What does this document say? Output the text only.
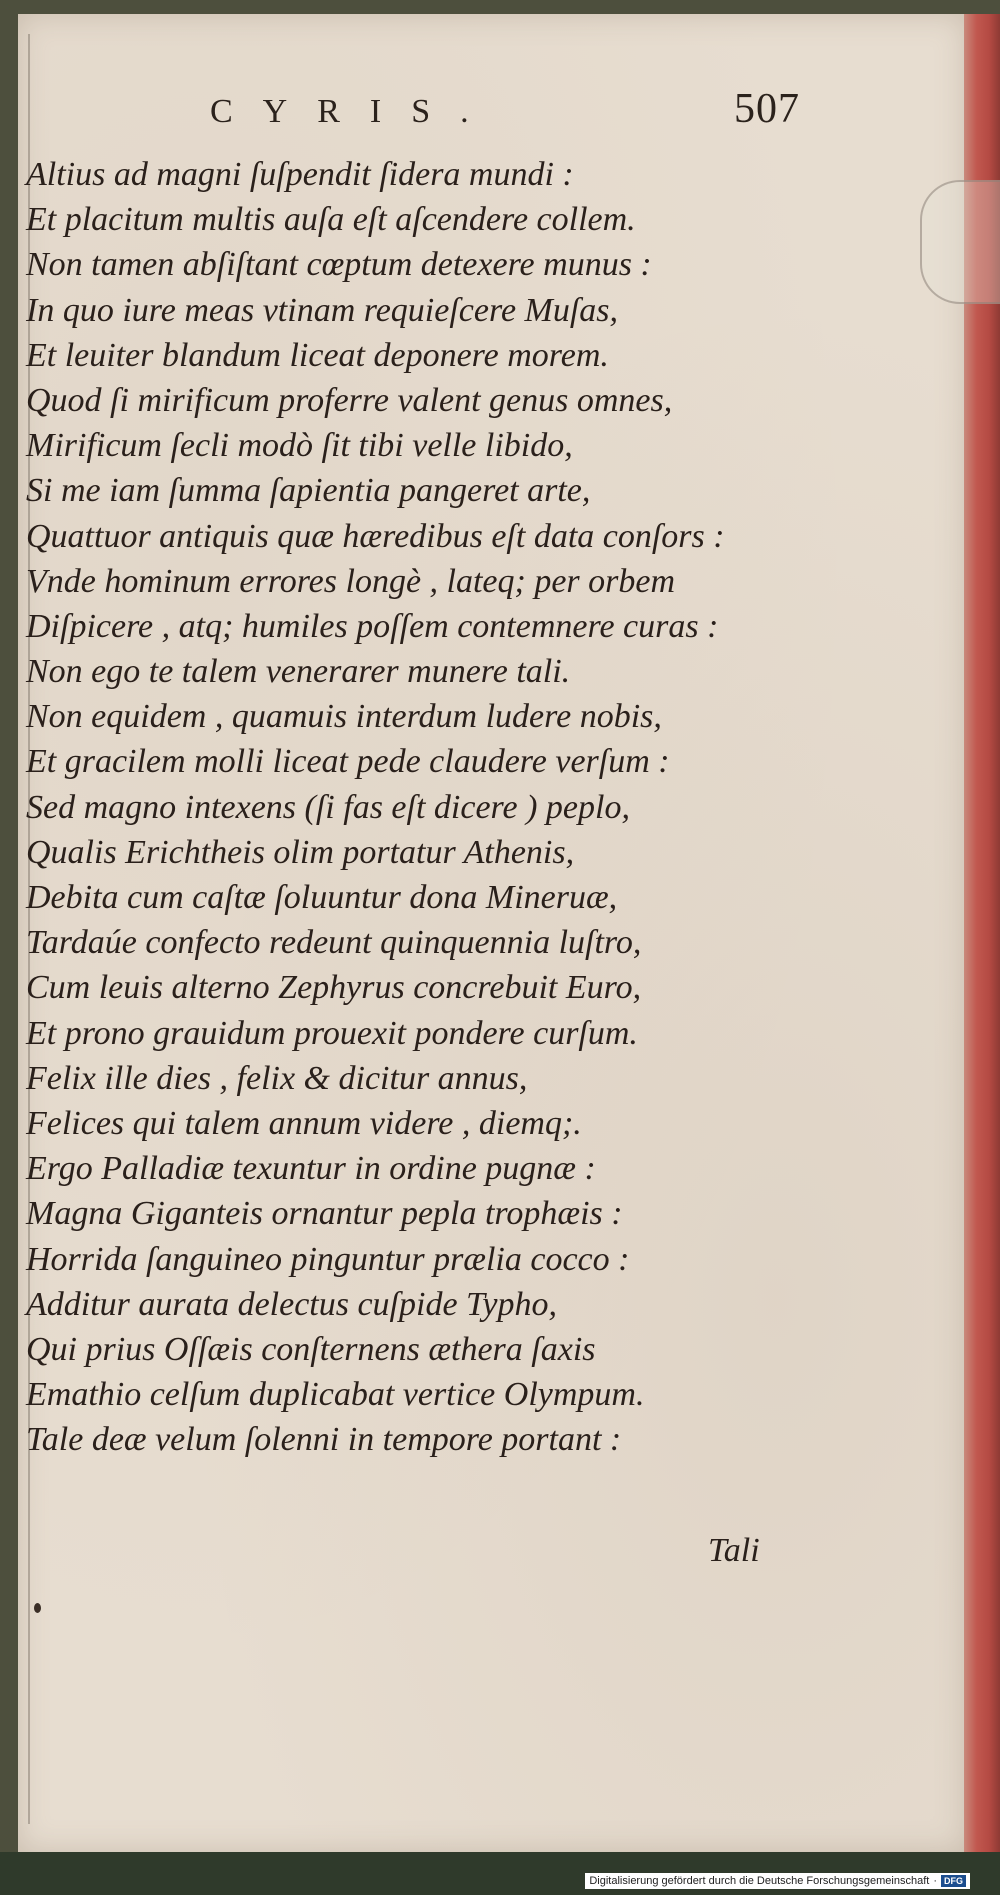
CYRIS.	507
Altius ad magni ſuſpendit ſidera mundi :
Et placitum multis auſa eſt aſcendere collem.
Non tamen abſiſtant cœptum detexere munus :
In quo iure meas vtinam requieſcere Muſas,
Et leuiter blandum liceat deponere morem.
Quod ſi mirificum proferre valent genus omnes,
Mirificum ſecli modò ſit tibi velle libido,
Si me iam ſumma ſapientia pangeret arte,
Quattuor antiquis quæ hæredibus eſt data conſors :
Vnde hominum errores longè , lateq; per orbem
Diſpicere , atq; humiles poſſem contemnere curas :
Non ego te talem venerarer munere tali.
Non equidem , quamuis interdum ludere nobis,
Et gracilem molli liceat pede claudere verſum :
Sed magno intexens (ſi fas eſt dicere ) peplo,
Qualis Erichtheis olim portatur Athenis,
Debita cum caſtæ ſoluuntur dona Mineruæ,
Tardaúe confecto redeunt quinquennia luſtro,
Cum leuis alterno Zephyrus concrebuit Euro,
Et prono grauidum prouexit pondere curſum.
Felix ille dies , felix & dicitur annus,
Felices qui talem annum videre , diemq;.
Ergo Palladiæ texuntur in ordine pugnæ :
Magna Giganteis ornantur pepla trophæis :
Horrida ſanguineo pinguntur prælia cocco :
Additur aurata delectus cuſpide Typho,
Qui prius Oſſæis conſternens æthera ſaxis
Emathio celſum duplicabat vertice Olympum.
Tale deæ velum ſolenni in tempore portant :
Tali
Digitalisierung gefördert durch die Deutsche Forschungsgemeinschaft · DFG
